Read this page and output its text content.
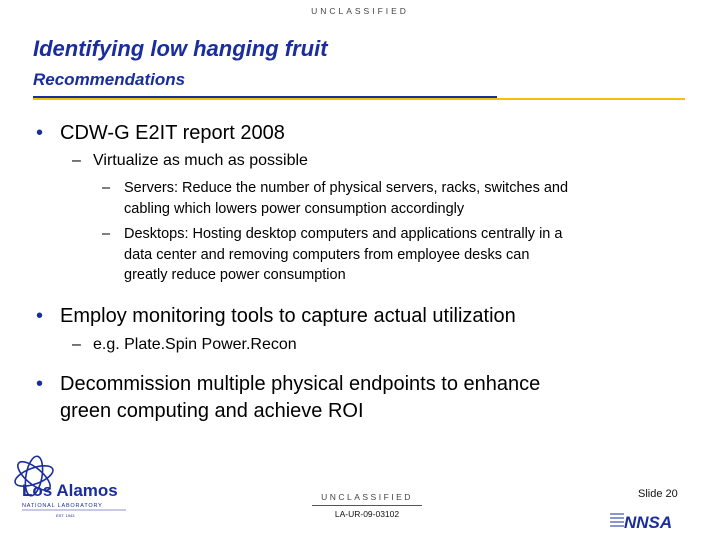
UNCLASSIFIED
Identifying low hanging fruit
Recommendations
• CDW-G E2IT report 2008
– Virtualize as much as possible
– Servers: Reduce the number of physical servers, racks, switches and
cabling which lowers power consumption accordingly
– Desktops: Hosting desktop computers and applications centrally in a
data center and removing computers from employee desks can
greatly reduce power consumption
• Employ monitoring tools to capture actual utilization
– e.g. Plate.Spin Power.Recon
• Decommission multiple physical endpoints to enhance
green computing and achieve ROI
Los Alamos
NATIONAL LABORATORY
EST. 1943
UNCLASSIFIED
LA-UR-09-03102
Slide 20
NNSA
